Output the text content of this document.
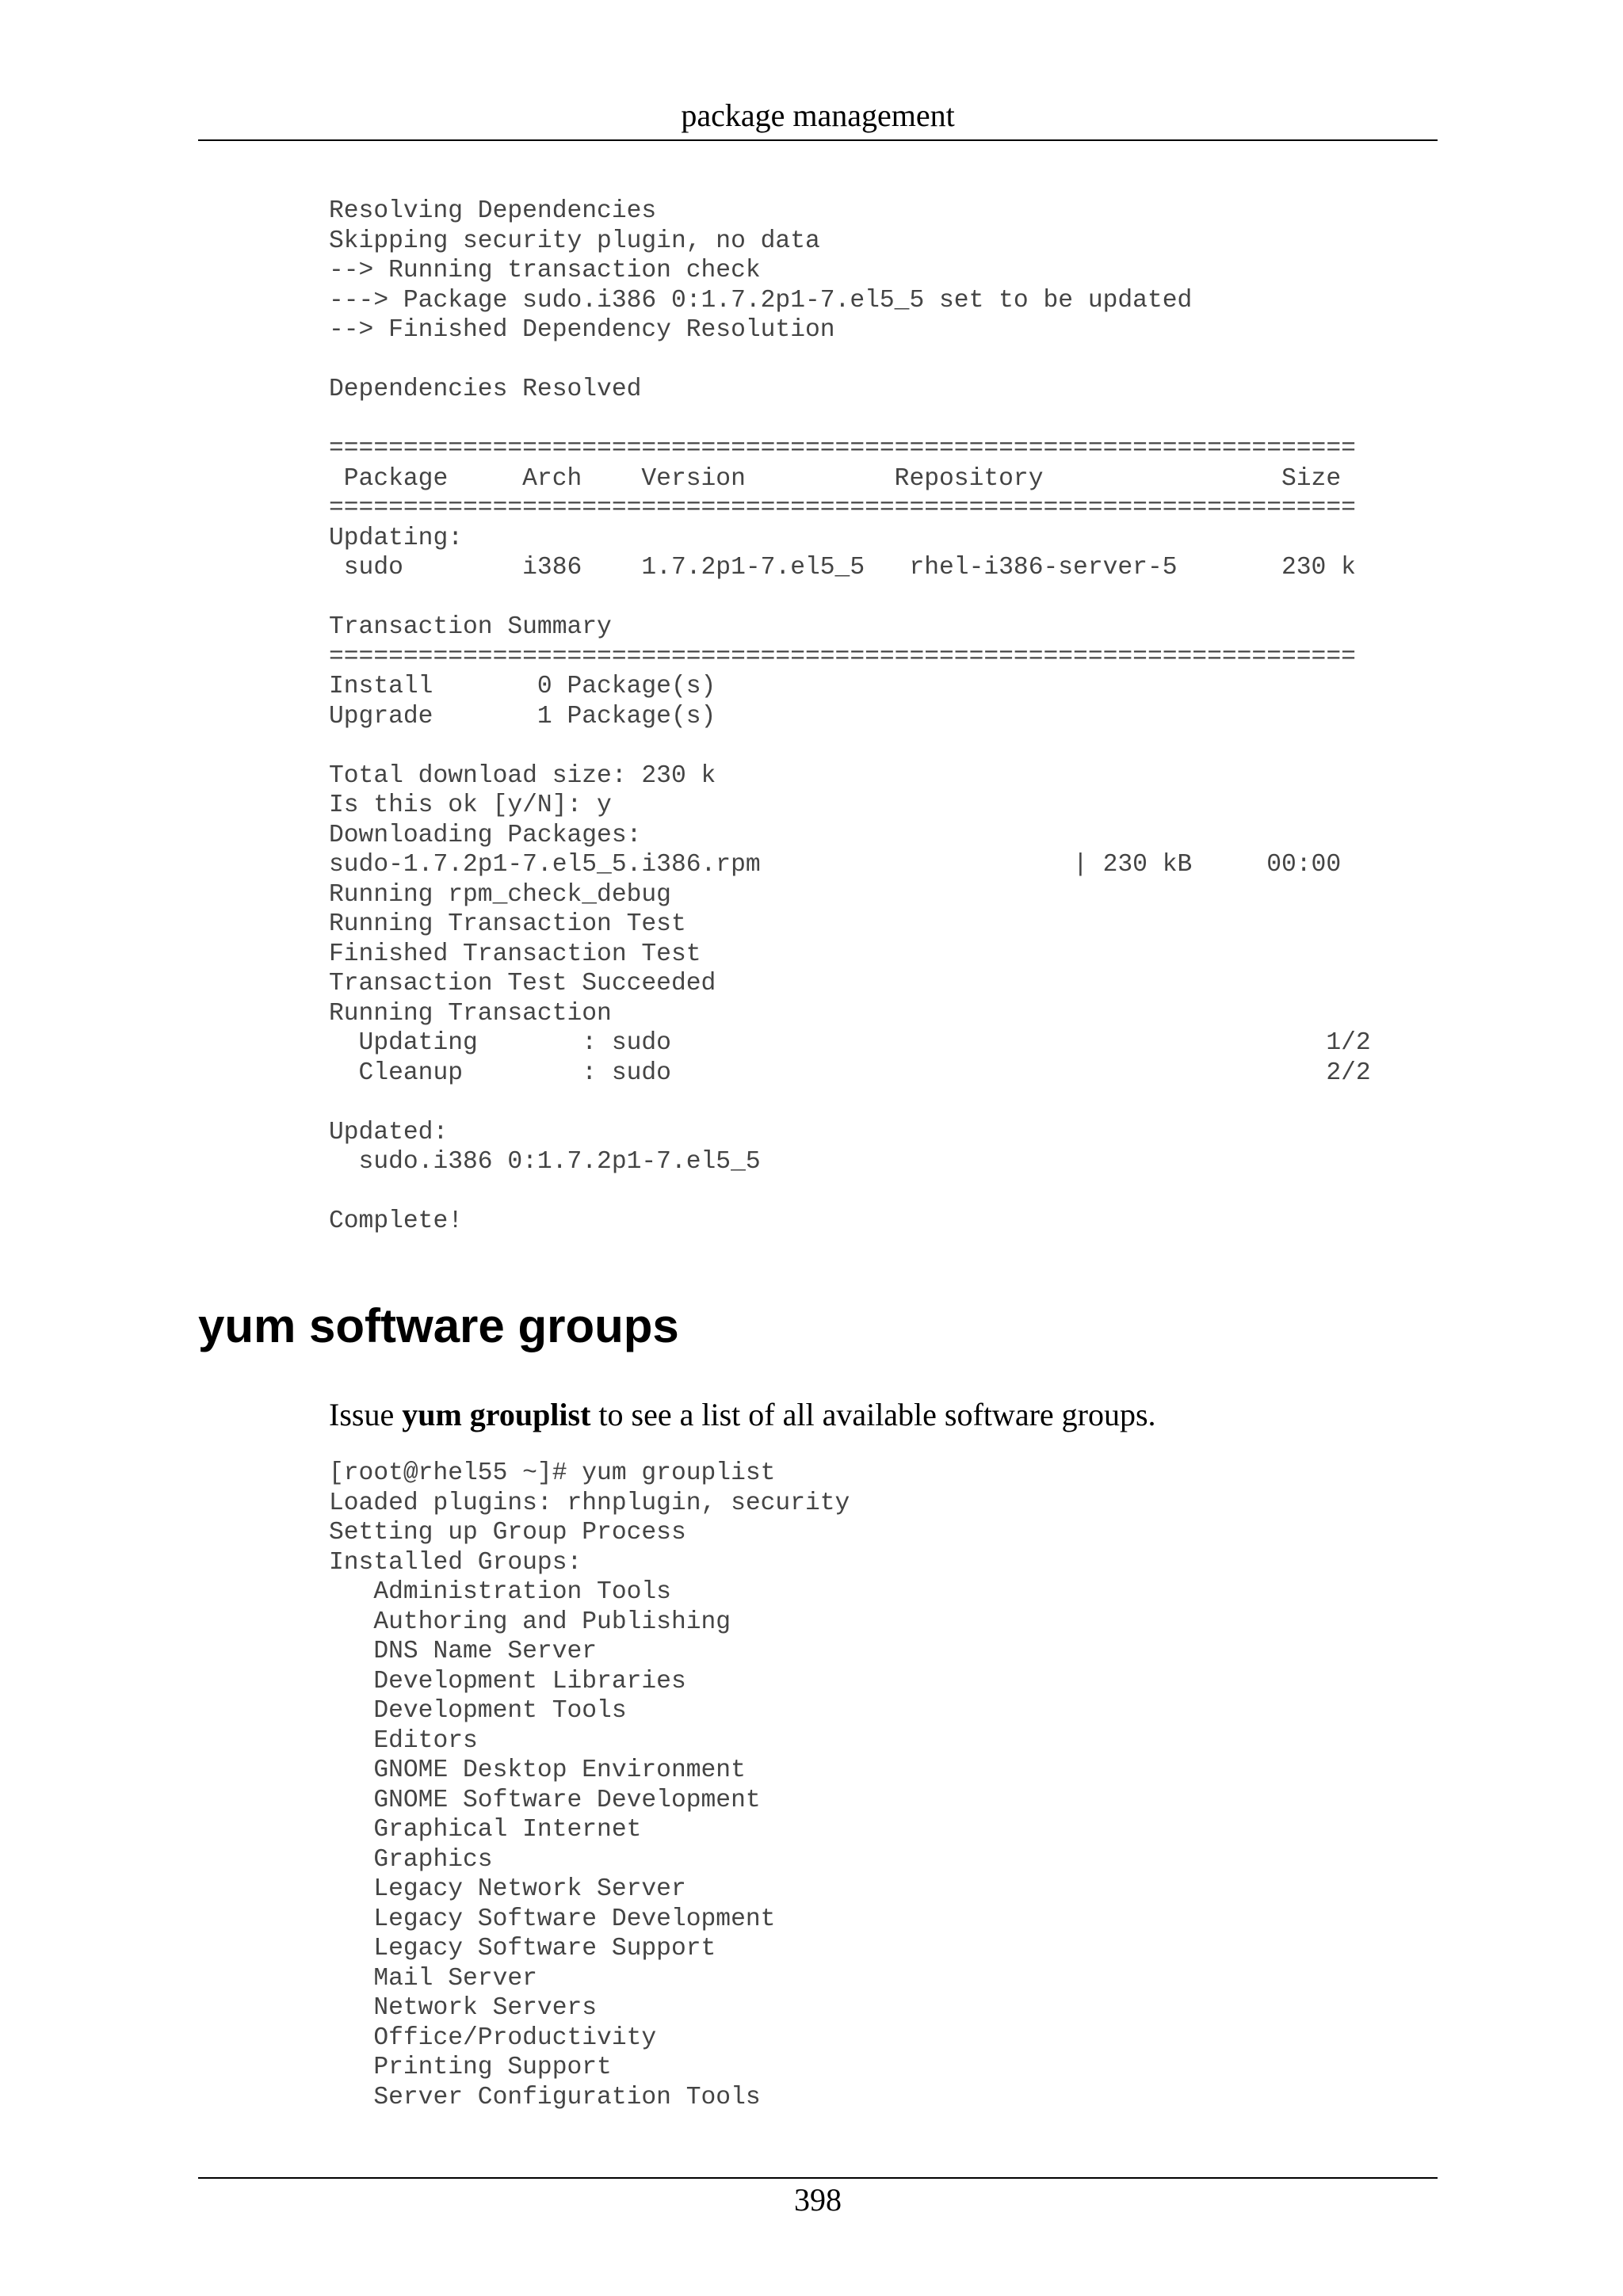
package management
Resolving Dependencies
Skipping security plugin, no data
--> Running transaction check
---> Package sudo.i386 0:1.7.2p1-7.el5_5 set to be updated
--> Finished Dependency Resolution

Dependencies Resolved

=====================================================================
Package     Arch    Version          Repository                Size
=====================================================================
Updating:
sudo        i386    1.7.2p1-7.el5_5   rhel-i386-server-5       230 k

Transaction Summary
=====================================================================
Install       0 Package(s)
Upgrade       1 Package(s)

Total download size: 230 k
Is this ok [y/N]: y
Downloading Packages:
sudo-1.7.2p1-7.el5_5.i386.rpm                     | 230 kB     00:00
Running rpm_check_debug
Running Transaction Test
Finished Transaction Test
Transaction Test Succeeded
Running Transaction
Updating       : sudo                                            1/2
Cleanup        : sudo                                            2/2

Updated:
sudo.i386 0:1.7.2p1-7.el5_5

Complete!
yum software groups

Issue yum grouplist to see a list of all available software groups.

[root@rhel55 ~]# yum grouplist
Loaded plugins: rhnplugin, security
Setting up Group Process
Installed Groups:
Administration Tools
Authoring and Publishing
DNS Name Server
Development Libraries
Development Tools
Editors
GNOME Desktop Environment
GNOME Software Development
Graphical Internet
Graphics
Legacy Network Server
Legacy Software Development
Legacy Software Support
Mail Server
Network Servers
Office/Productivity
Printing Support
Server Configuration Tools
398
